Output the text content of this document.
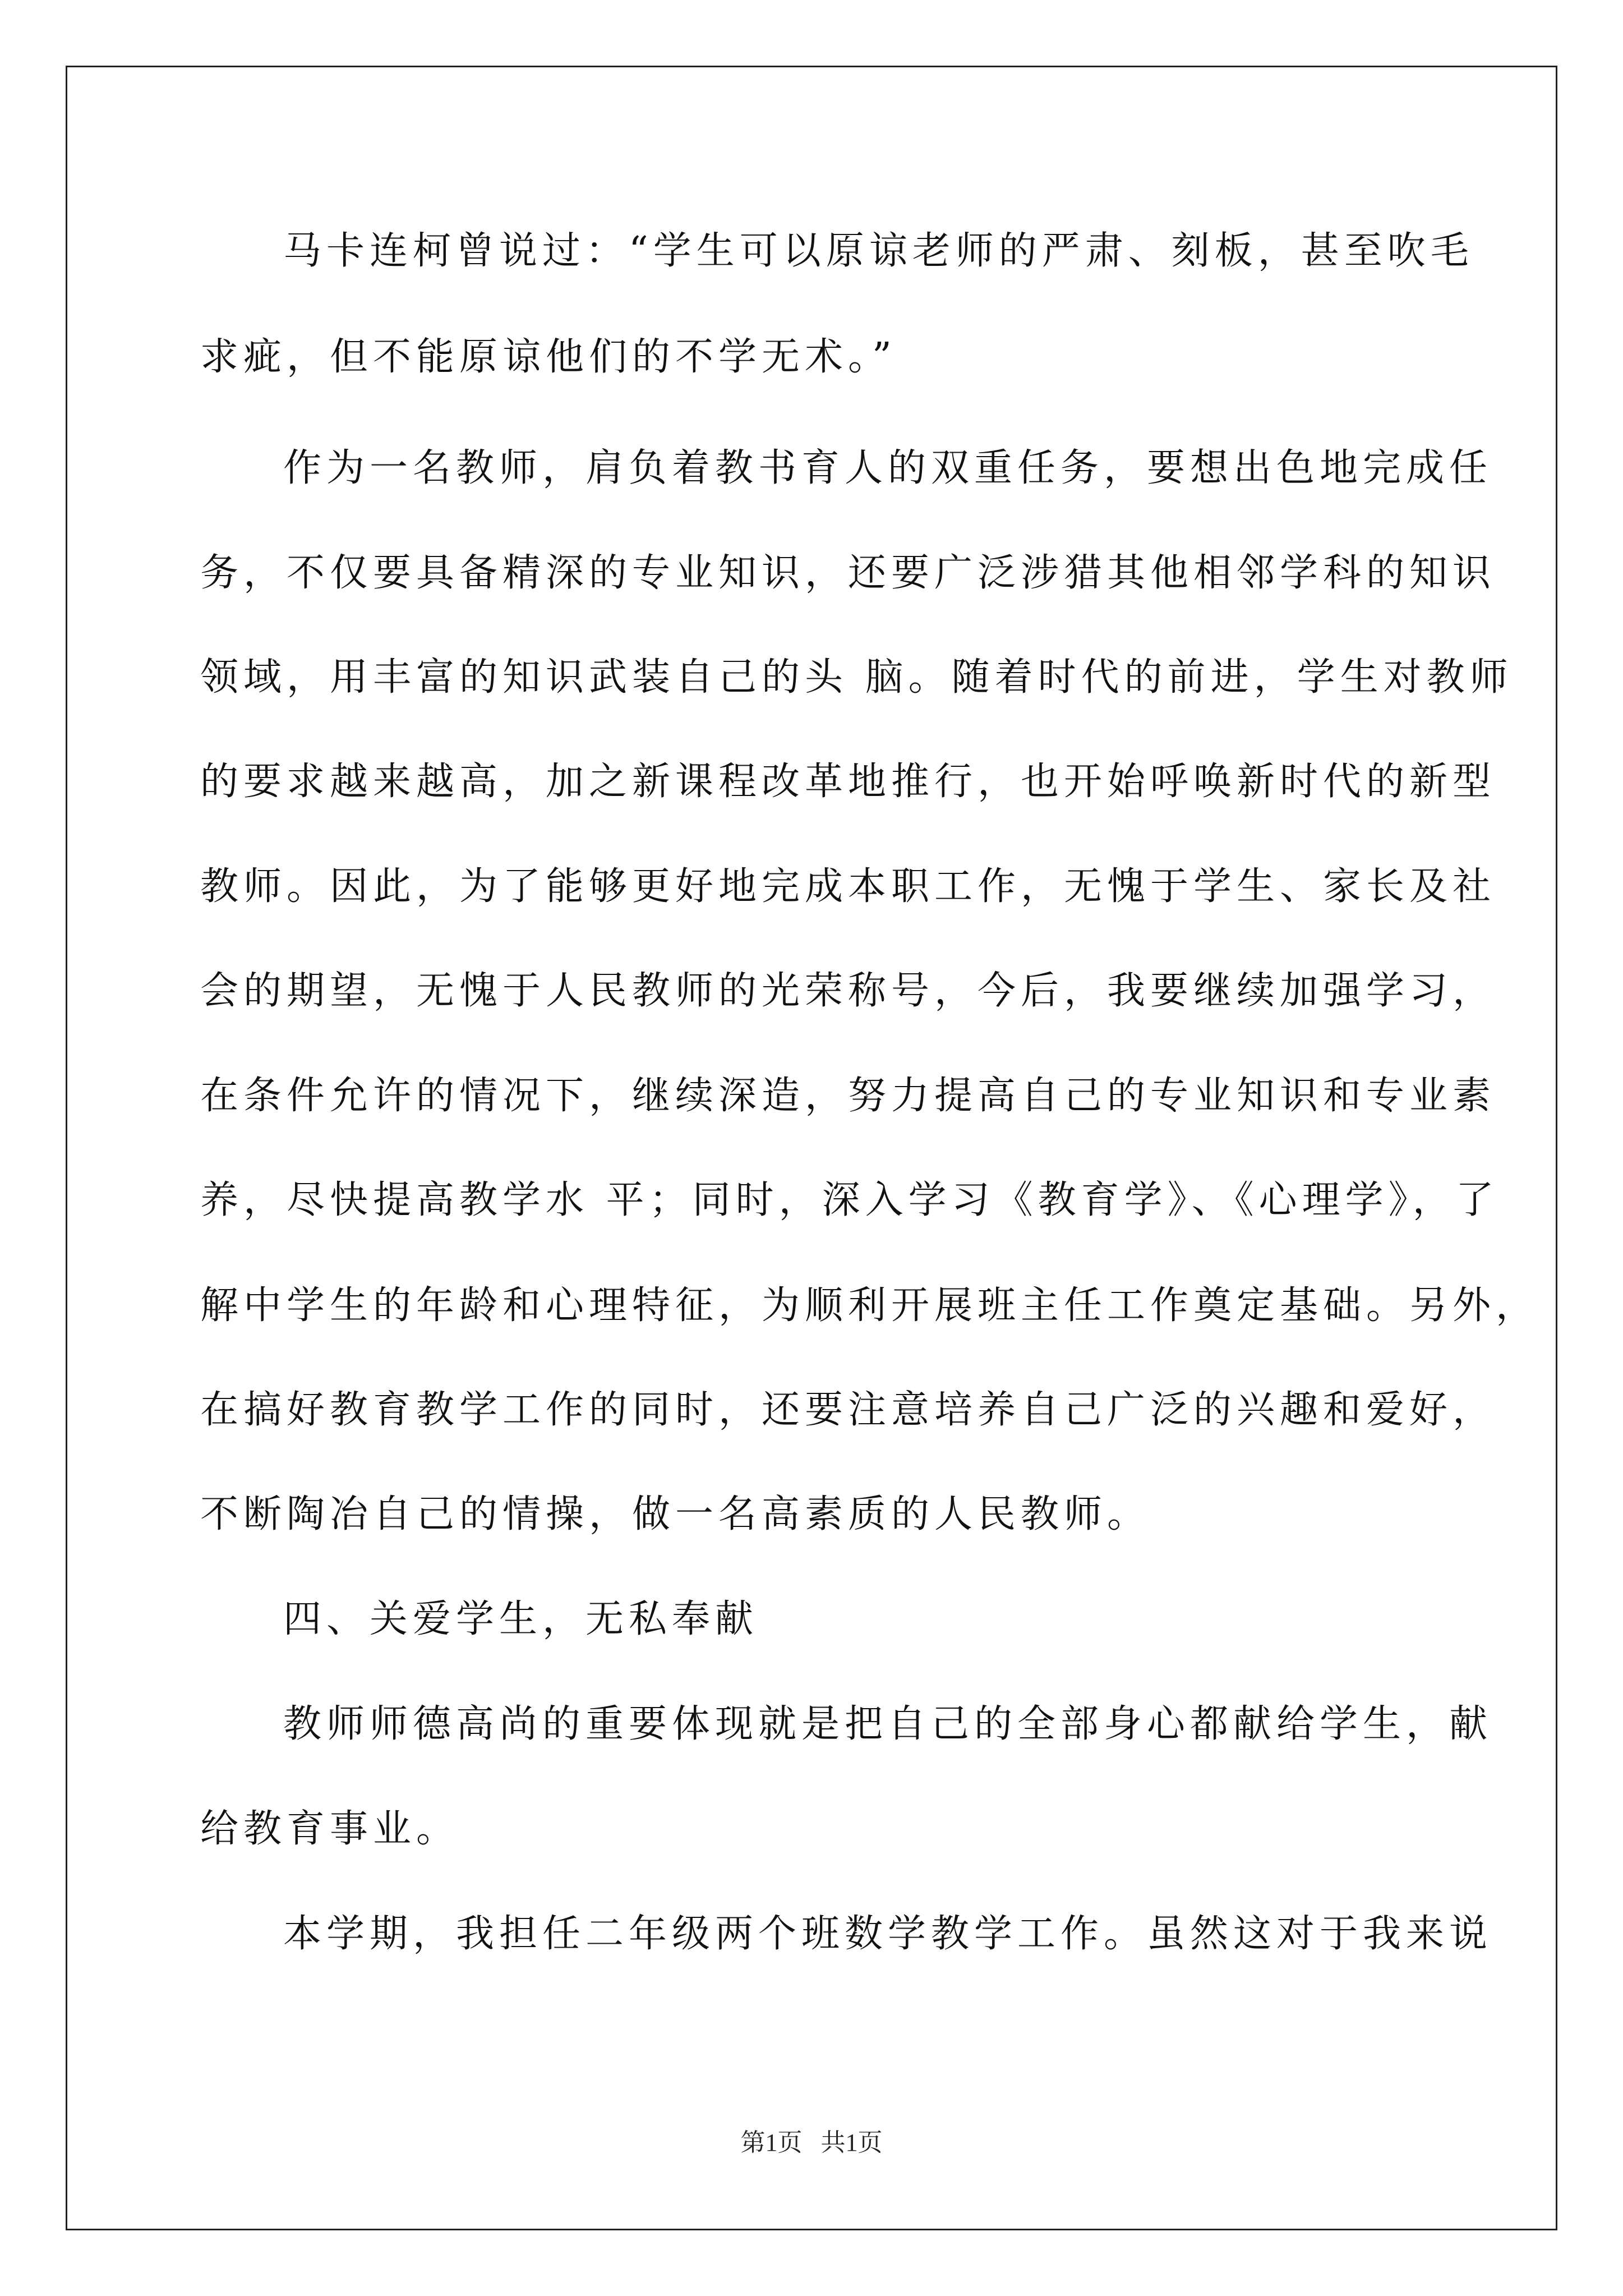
马卡连柯曾说过：“学生可以原谅老师的严肃、刻板，甚至吹毛
求疵，但不能原谅他们的不学无术。”
作为一名教师，肩负着教书育人的双重任务，要想出色地完成任
务，不仅要具备精深的专业知识，还要广泛涉猎其他相邻学科的知识
领域，用丰富的知识武装自己的头 脑。随着时代的前进，学生对教师
的要求越来越高，加之新课程改革地推行，也开始呼唤新时代的新型
教师。因此，为了能够更好地完成本职工作，无愧于学生、家长及社
会的期望，无愧于人民教师的光荣称号，今后，我要继续加强学习，
在条件允许的情况下，继续深造，努力提高自己的专业知识和专业素
养，尽快提高教学水 平；同时，深入学习《教育学》、《心理学》，了
解中学生的年龄和心理特征，为顺利开展班主任工作奠定基础。另外，
在搞好教育教学工作的同时，还要注意培养自己广泛的兴趣和爱好，
不断陶冶自己的情操，做一名高素质的人民教师。
四、关爱学生，无私奉献
教师师德高尚的重要体现就是把自己的全部身心都献给学生，献
给教育事业。
本学期，我担任二年级两个班数学教学工作。虽然这对于我来说
第1页   共1页
